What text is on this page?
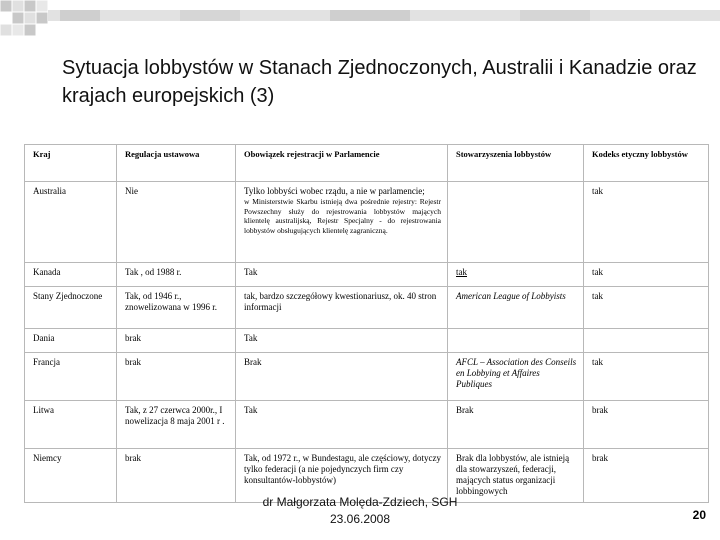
Sytuacja lobbystów w Stanach Zjednoczonych, Australii i Kanadzie oraz krajach europejskich (3)
Kraj	Regulacja ustawowa	Obowiązek rejestracji w Parlamencie	Stowarzyszenia lobbystów	Kodeks etyczny lobbystów
Australia	Nie	Tylko lobbyści wobec rządu, a nie w parlamencie;
w Ministerstwie Skarbu istnieją dwa pośrednie rejestry: Rejestr Powszechny służy do rejestrowania lobbystów mających klientelę australijską, Rejestr Specjalny - do rejestrowania lobbystów obsługujących klientelę zagraniczną.		tak
Kanada	Tak , od 1988 r.	Tak	tak	tak
Stany Zjednoczone	Tak, od 1946 r., znowelizowana w 1996 r.	tak, bardzo szczegółowy kwestionariusz, ok. 40 stron informacji	American League of Lobbyists	tak
Dania	brak	Tak		
Francja	brak	Brak	AFCL – Association des Conseils en Lobbying et Affaires Publiques	tak
Litwa	Tak, z 27 czerwca 2000r., I nowelizacja 8 maja 2001 r .	Tak	Brak	brak
Niemcy	brak	Tak, od 1972 r., w Bundestagu, ale częściowy, dotyczy tylko federacji (a nie pojedynczych firm czy konsultantów-lobbystów)	Brak dla lobbystów, ale istnieją dla stowarzyszeń, federacji, mających status organizacji lobbingowych	brak
dr Małgorzata Molęda-Zdziech, SGH
23.06.2008	20
